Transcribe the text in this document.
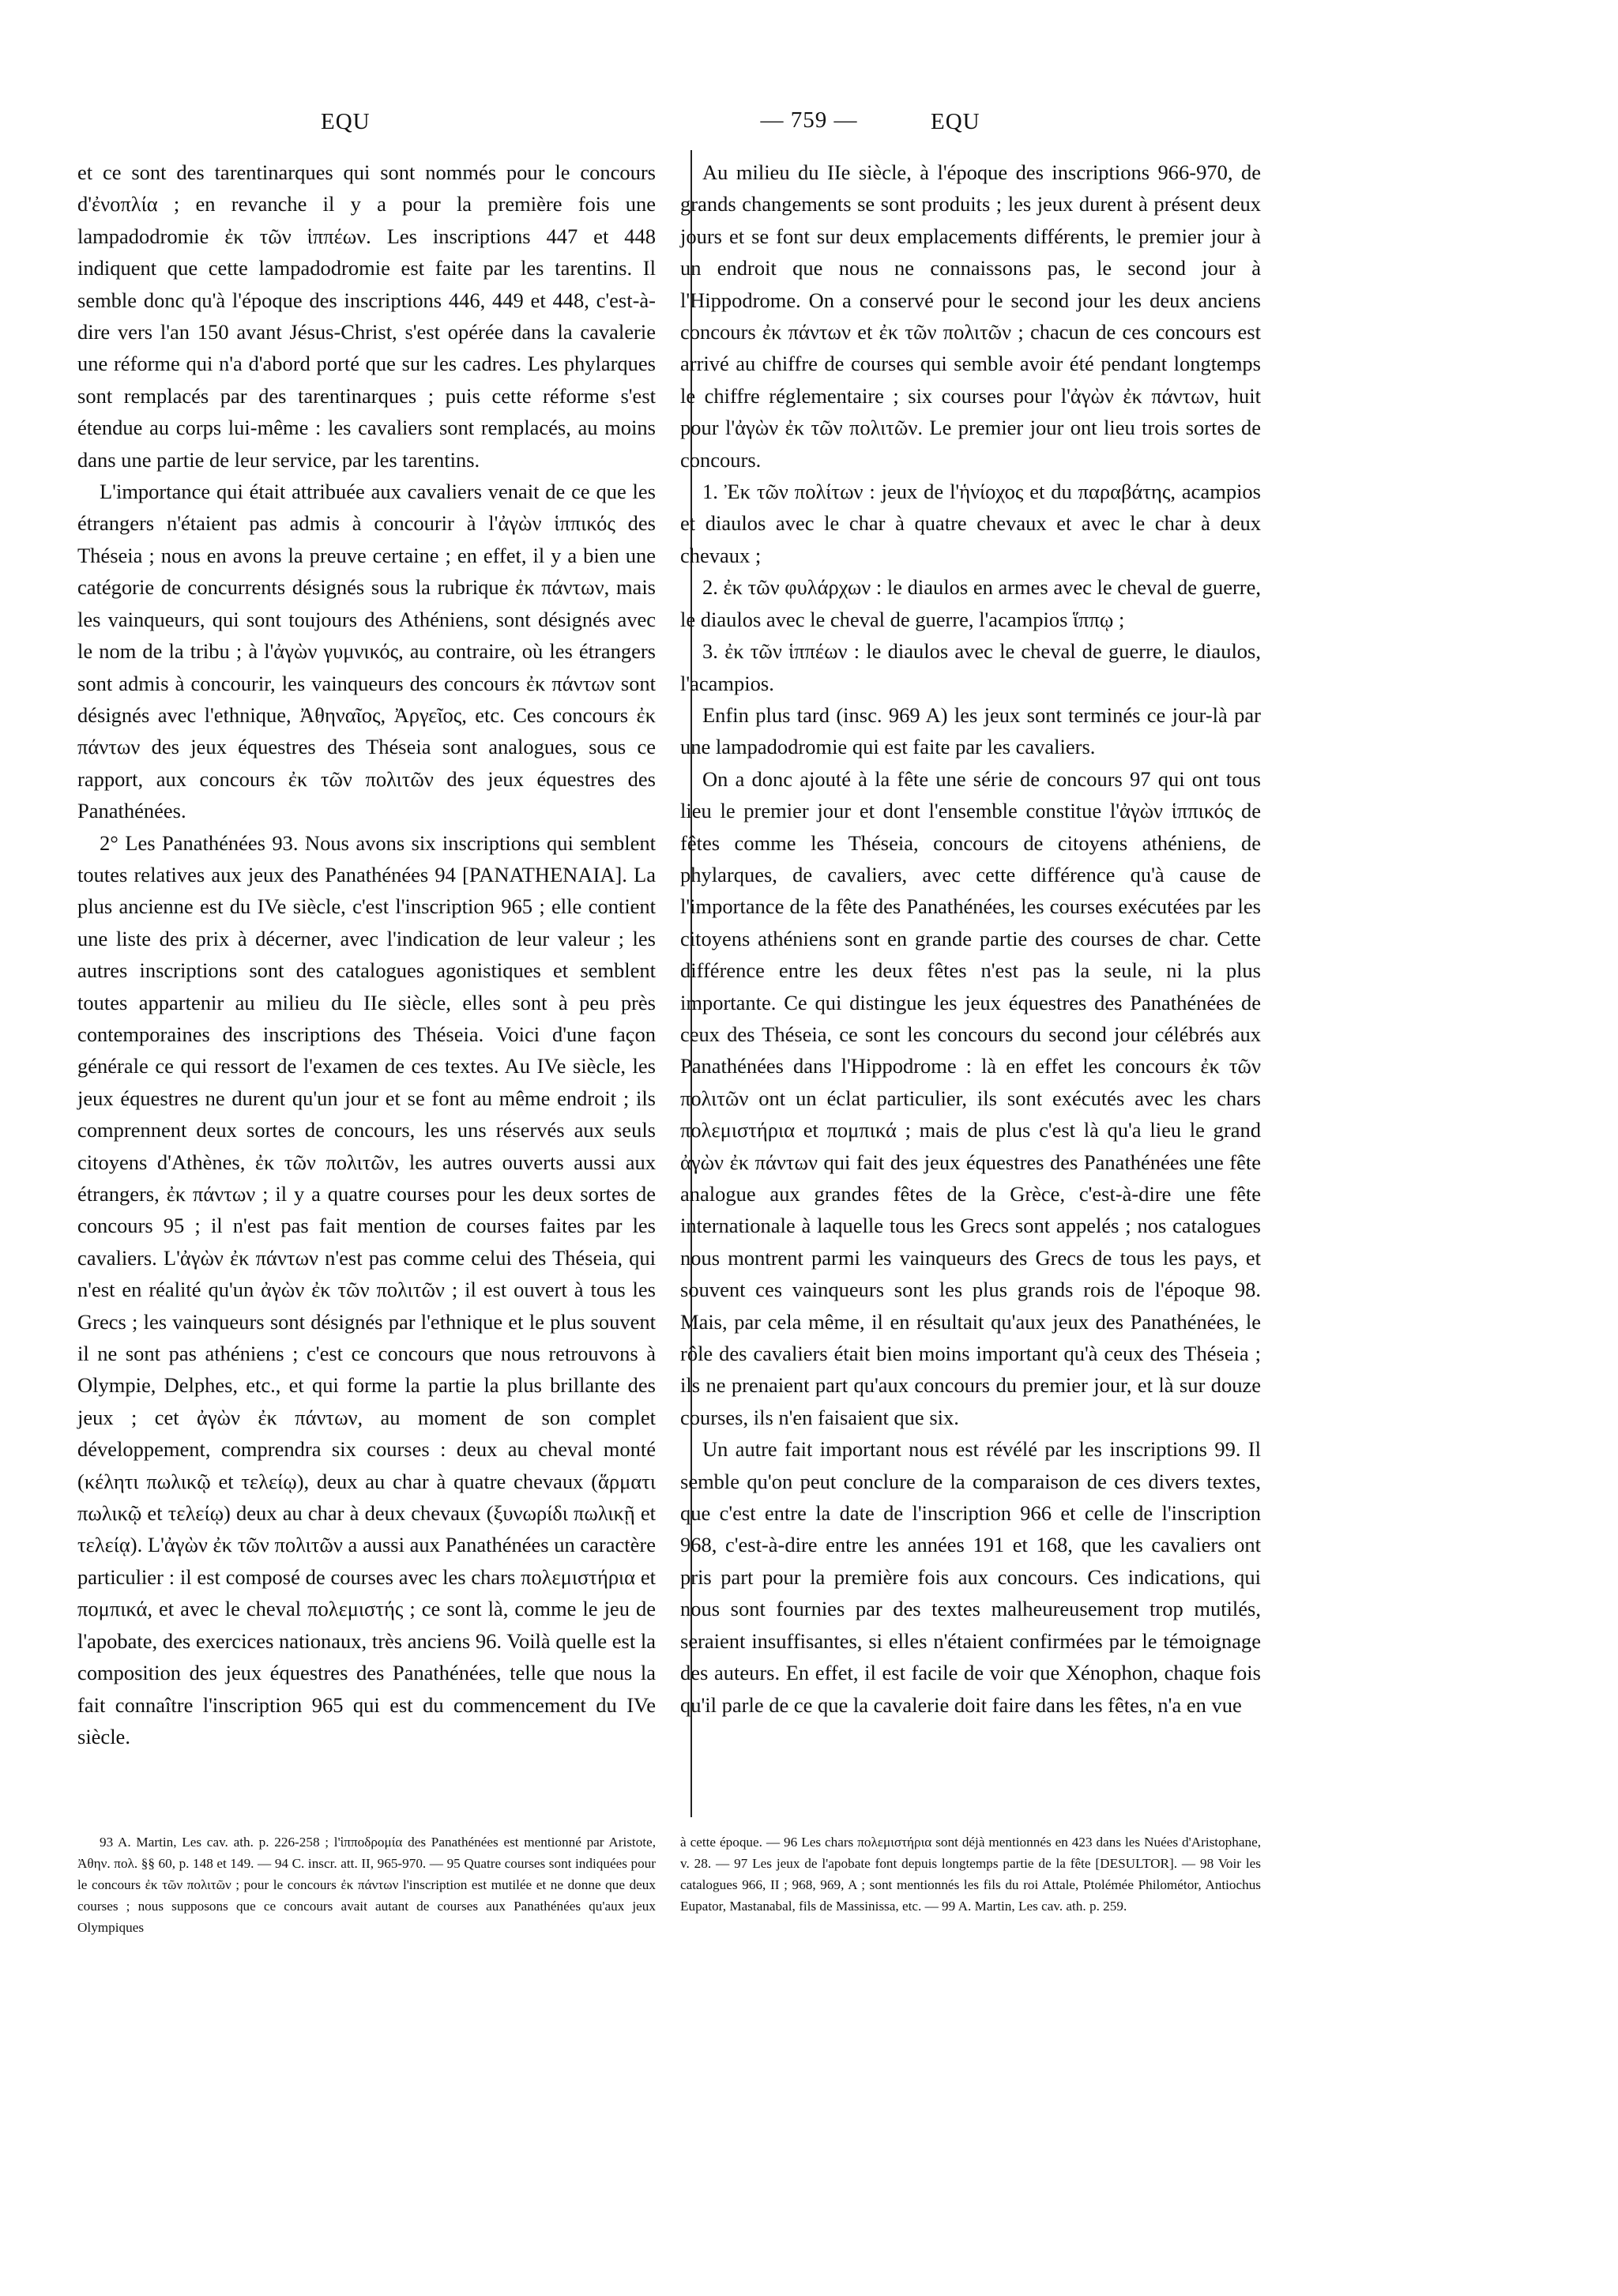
EQU	— 759 —	EQU

et ce sont des tarentinarques qui sont nommés pour le concours d'ἐνοπλία ; en revanche il y a pour la première fois une lampadodromie ἐκ τῶν ἱππέων. Les inscriptions 447 et 448 indiquent que cette lampadodromie est faite par les tarentins. Il semble donc qu'à l'époque des inscriptions 446, 449 et 448, c'est-à-dire vers l'an 150 avant Jésus-Christ, s'est opérée dans la cavalerie une réforme qui n'a d'abord porté que sur les cadres. Les phylarques sont remplacés par des tarentinarques ; puis cette réforme s'est étendue au corps lui-même : les cavaliers sont remplacés, au moins dans une partie de leur service, par les tarentins.

L'importance qui était attribuée aux cavaliers venait de ce que les étrangers n'étaient pas admis à concourir à l'ἀγὼν ἱππικός des Théseia ; nous en avons la preuve certaine ; en effet, il y a bien une catégorie de concurrents désignés sous la rubrique ἐκ πάντων, mais les vainqueurs, qui sont toujours des Athéniens, sont désignés avec le nom de la tribu ; à l'ἀγὼν γυμνικός, au contraire, où les étrangers sont admis à concourir, les vainqueurs des concours ἐκ πάντων sont désignés avec l'ethnique, Ἀθηναῖος, Ἀργεῖος, etc. Ces concours ἐκ πάντων des jeux équestres des Théseia sont analogues, sous ce rapport, aux concours ἐκ τῶν πολιτῶν des jeux équestres des Panathénées.

2° Les Panathénées 93. Nous avons six inscriptions qui semblent toutes relatives aux jeux des Panathénées 94 [PANATHENAIA]. La plus ancienne est du IVe siècle, c'est l'inscription 965 ; elle contient une liste des prix à décerner, avec l'indication de leur valeur ; les autres inscriptions sont des catalogues agonistiques et semblent toutes appartenir au milieu du IIe siècle, elles sont à peu près contemporaines des inscriptions des Théseia. Voici d'une façon générale ce qui ressort de l'examen de ces textes. Au IVe siècle, les jeux équestres ne durent qu'un jour et se font au même endroit ; ils comprennent deux sortes de concours, les uns réservés aux seuls citoyens d'Athènes, ἐκ τῶν πολιτῶν, les autres ouverts aussi aux étrangers, ἐκ πάντων ; il y a quatre courses pour les deux sortes de concours 95 ; il n'est pas fait mention de courses faites par les cavaliers. L'ἀγὼν ἐκ πάντων n'est pas comme celui des Théseia, qui n'est en réalité qu'un ἀγὼν ἐκ τῶν πολιτῶν ; il est ouvert à tous les Grecs ; les vainqueurs sont désignés par l'ethnique et le plus souvent il ne sont pas athéniens ; c'est ce concours que nous retrouvons à Olympie, Delphes, etc., et qui forme la partie la plus brillante des jeux ; cet ἀγὼν ἐκ πάντων, au moment de son complet développement, comprendra six courses : deux au cheval monté (κέλητι πωλικῷ et τελείῳ), deux au char à quatre chevaux (ἅρματι πωλικῷ et τελείῳ) deux au char à deux chevaux (ξυνωρίδι πωλικῇ et τελείᾳ). L'ἀγὼν ἐκ τῶν πολιτῶν a aussi aux Panathénées un caractère particulier : il est composé de courses avec les chars πολεμιστήρια et πομπικά, et avec le cheval πολεμιστής ; ce sont là, comme le jeu de l'apobate, des exercices nationaux, très anciens 96. Voilà quelle est la composition des jeux équestres des Panathénées, telle que nous la fait connaître l'inscription 965 qui est du commencement du IVe siècle.

Au milieu du IIe siècle, à l'époque des inscriptions 966-970, de grands changements se sont produits ; les jeux durent à présent deux jours et se font sur deux emplacements différents, le premier jour à un endroit que nous ne connaissons pas, le second jour à l'Hippodrome. On a conservé pour le second jour les deux anciens concours ἐκ πάντων et ἐκ τῶν πολιτῶν ; chacun de ces concours est arrivé au chiffre de courses qui semble avoir été pendant longtemps le chiffre réglementaire ; six courses pour l'ἀγὼν ἐκ πάντων, huit pour l'ἀγὼν ἐκ τῶν πολιτῶν. Le premier jour ont lieu trois sortes de concours.

1. Ἐκ τῶν πολίτων : jeux de l'ἡνίοχος et du παραβάτης, acampios et diaulos avec le char à quatre chevaux et avec le char à deux chevaux ;

2. ἐκ τῶν φυλάρχων : le diaulos en armes avec le cheval de guerre, le diaulos avec le cheval de guerre, l'acampios ἵππῳ ;

3. ἐκ τῶν ἱππέων : le diaulos avec le cheval de guerre, le diaulos, l'acampios.

Enfin plus tard (insc. 969 A) les jeux sont terminés ce jour-là par une lampadodromie qui est faite par les cavaliers.

On a donc ajouté à la fête une série de concours 97 qui ont tous lieu le premier jour et dont l'ensemble constitue l'ἀγὼν ἱππικός de fêtes comme les Théseia, concours de citoyens athéniens, de phylarques, de cavaliers, avec cette différence qu'à cause de l'importance de la fête des Panathénées, les courses exécutées par les citoyens athéniens sont en grande partie des courses de char. Cette différence entre les deux fêtes n'est pas la seule, ni la plus importante. Ce qui distingue les jeux équestres des Panathénées de ceux des Théseia, ce sont les concours du second jour célébrés aux Panathénées dans l'Hippodrome : là en effet les concours ἐκ τῶν πολιτῶν ont un éclat particulier, ils sont exécutés avec les chars πολεμιστήρια et πομπικά ; mais de plus c'est là qu'a lieu le grand ἀγὼν ἐκ πάντων qui fait des jeux équestres des Panathénées une fête analogue aux grandes fêtes de la Grèce, c'est-à-dire une fête internationale à laquelle tous les Grecs sont appelés ; nos catalogues nous montrent parmi les vainqueurs des Grecs de tous les pays, et souvent ces vainqueurs sont les plus grands rois de l'époque 98. Mais, par cela même, il en résultait qu'aux jeux des Panathénées, le rôle des cavaliers était bien moins important qu'à ceux des Théseia ; ils ne prenaient part qu'aux concours du premier jour, et là sur douze courses, ils n'en faisaient que six.

Un autre fait important nous est révélé par les inscriptions 99. Il semble qu'on peut conclure de la comparaison de ces divers textes, que c'est entre la date de l'inscription 966 et celle de l'inscription 968, c'est-à-dire entre les années 191 et 168, que les cavaliers ont pris part pour la première fois aux concours. Ces indications, qui nous sont fournies par des textes malheureusement trop mutilés, seraient insuffisantes, si elles n'étaient confirmées par le témoignage des auteurs. En effet, il est facile de voir que Xénophon, chaque fois qu'il parle de ce que la cavalerie doit faire dans les fêtes, n'a en vue

93 A. Martin, Les cav. ath. p. 226-258 ; l'ἱπποδρομία des Panathénées est mentionné par Aristote, Ἀθην. πολ. §§ 60, p. 148 et 149. — 94 C. inscr. att. II, 965-970. — 95 Quatre courses sont indiquées pour le concours ἐκ τῶν πολιτῶν ; pour le concours ἐκ πάντων l'inscription est mutilée et ne donne que deux courses ; nous supposons que ce concours avait autant de courses aux Panathénées qu'aux jeux Olympiques

à cette époque. — 96 Les chars πολεμιστήρια sont déjà mentionnés en 423 dans les Nuées d'Aristophane, v. 28. — 97 Les jeux de l'apobate font depuis longtemps partie de la fête [DESULTOR]. — 98 Voir les catalogues 966, II ; 968, 969, A ; sont mentionnés les fils du roi Attale, Ptolémée Philométor, Antiochus Eupator, Mastanabal, fils de Massinissa, etc. — 99 A. Martin, Les cav. ath. p. 259.
